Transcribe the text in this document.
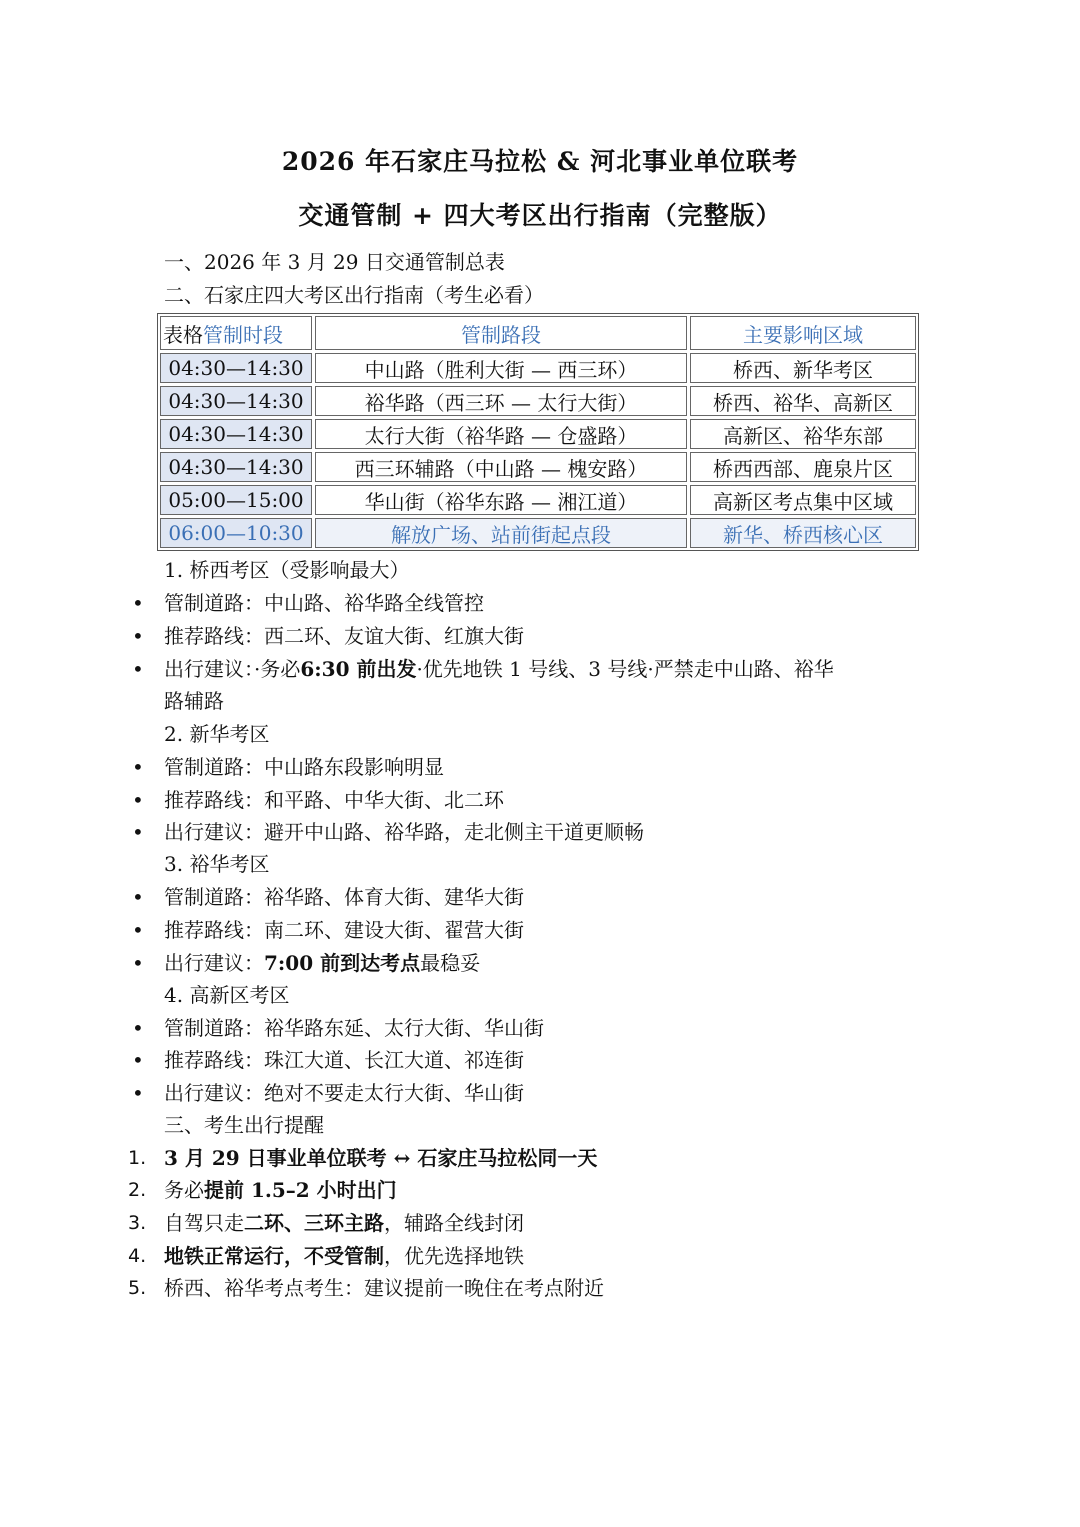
2026 年石家庄马拉松 & 河北事业单位联考
交通管制 + 四大考区出行指南（完整版）
一、2026 年 3 月 29 日交通管制总表
二、石家庄四大考区出行指南（考生必看）
表格 管制时段	管制路段	主要影响区域
04:30—14:30	中山路（胜利大街 — 西三环）	桥西、新华考区
04:30—14:30	裕华路（西三环 — 太行大街）	桥西、裕华、高新区
04:30—14:30	太行大街（裕华路 — 仓盛路）	高新区、裕华东部
04:30—14:30	西三环辅路（中山路 — 槐安路）	桥西西部、鹿泉片区
05:00—15:00	华山街（裕华东路 — 湘江道）	高新区考点集中区域
06:00—10:30	解放广场、站前街起点段	新华、桥西核心区
1. 桥西考区（受影响最大）
• 管制道路：中山路、裕华路全线管控
• 推荐路线：西二环、友谊大街、红旗大街
• 出行建议：·务必6:30 前出发·优先地铁 1 号线、3 号线·严禁走中山路、裕华
路辅路
2. 新华考区
• 管制道路：中山路东段影响明显
• 推荐路线：和平路、中华大街、北二环
• 出行建议：避开中山路、裕华路，走北侧主干道更顺畅
3. 裕华考区
• 管制道路：裕华路、体育大街、建华大街
• 推荐路线：南二环、建设大街、翟营大街
• 出行建议：7:00 前到达考点最稳妥
4. 高新区考区
• 管制道路：裕华路东延、太行大街、华山街
• 推荐路线：珠江大道、长江大道、祁连街
• 出行建议：绝对不要走太行大街、华山街
三、考生出行提醒
1. 3 月 29 日事业单位联考 ↔ 石家庄马拉松同一天
2. 务必提前 1.5–2 小时出门
3. 自驾只走二环、三环主路，辅路全线封闭
4. 地铁正常运行，不受管制，优先选择地铁
5. 桥西、裕华考点考生：建议提前一晚住在考点附近
